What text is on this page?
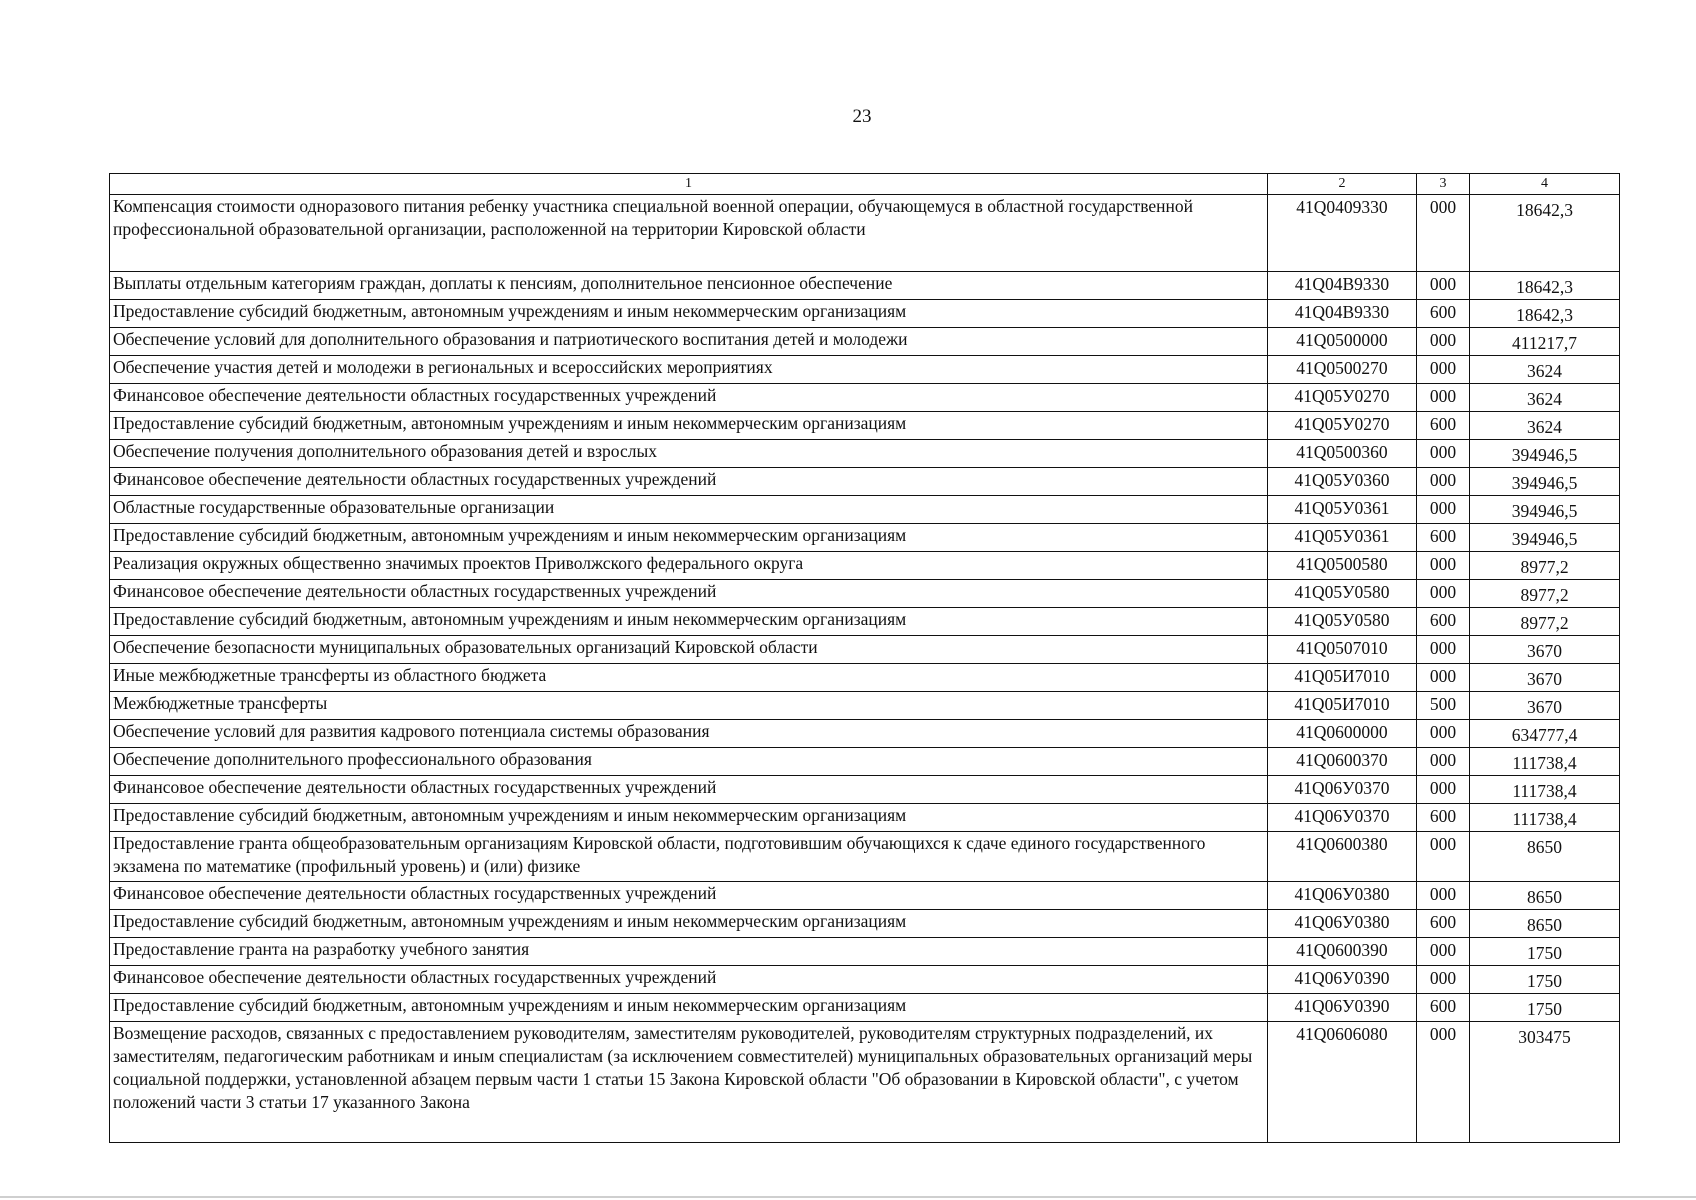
23
1	2	3	4
Компенсация стоимости одноразового питания ребенку участника специальной военной операции, обучающемуся в областной государственной профессиональной образовательной организации, расположенной на территории Кировской области	41Q0409330	000	18642,3
Выплаты отдельным категориям граждан, доплаты к пенсиям, дополнительное пенсионное обеспечение	41Q04B9330	000	18642,3
Предоставление субсидий бюджетным, автономным учреждениям и иным некоммерческим организациям	41Q04B9330	600	18642,3
Обеспечение условий для дополнительного образования и патриотического воспитания детей и молодежи	41Q0500000	000	411217,7
Обеспечение участия детей и молодежи в региональных и всероссийских мероприятиях	41Q0500270	000	3624
Финансовое обеспечение деятельности областных государственных учреждений	41Q05У0270	000	3624
Предоставление субсидий бюджетным, автономным учреждениям и иным некоммерческим организациям	41Q05У0270	600	3624
Обеспечение получения дополнительного образования детей и взрослых	41Q0500360	000	394946,5
Финансовое обеспечение деятельности областных государственных учреждений	41Q05У0360	000	394946,5
Областные государственные образовательные организации	41Q05У0361	000	394946,5
Предоставление субсидий бюджетным, автономным учреждениям и иным некоммерческим организациям	41Q05У0361	600	394946,5
Реализация окружных общественно значимых проектов Приволжского федерального округа	41Q0500580	000	8977,2
Финансовое обеспечение деятельности областных государственных учреждений	41Q05У0580	000	8977,2
Предоставление субсидий бюджетным, автономным учреждениям и иным некоммерческим организациям	41Q05У0580	600	8977,2
Обеспечение безопасности муниципальных образовательных организаций Кировской области	41Q0507010	000	3670
Иные межбюджетные трансферты из областного бюджета	41Q05И7010	000	3670
Межбюджетные трансферты	41Q05И7010	500	3670
Обеспечение условий для развития кадрового потенциала системы образования	41Q0600000	000	634777,4
Обеспечение дополнительного профессионального образования	41Q0600370	000	111738,4
Финансовое обеспечение деятельности областных государственных учреждений	41Q06У0370	000	111738,4
Предоставление субсидий бюджетным, автономным учреждениям и иным некоммерческим организациям	41Q06У0370	600	111738,4
Предоставление гранта общеобразовательным организациям Кировской области, подготовившим обучающихся к сдаче единого государственного экзамена по математике (профильный уровень) и (или) физике	41Q0600380	000	8650
Финансовое обеспечение деятельности областных государственных учреждений	41Q06У0380	000	8650
Предоставление субсидий бюджетным, автономным учреждениям и иным некоммерческим организациям	41Q06У0380	600	8650
Предоставление гранта на разработку учебного занятия	41Q0600390	000	1750
Финансовое обеспечение деятельности областных государственных учреждений	41Q06У0390	000	1750
Предоставление субсидий бюджетным, автономным учреждениям и иным некоммерческим организациям	41Q06У0390	600	1750
Возмещение расходов, связанных с предоставлением руководителям, заместителям руководителей, руководителям структурных подразделений, их заместителям, педагогическим работникам и иным специалистам (за исключением совместителей) муниципальных образовательных организаций меры социальной поддержки, установленной абзацем первым части 1 статьи 15 Закона Кировской области "Об образовании в Кировской области", с учетом положений части 3 статьи 17 указанного Закона	41Q0606080	000	303475
